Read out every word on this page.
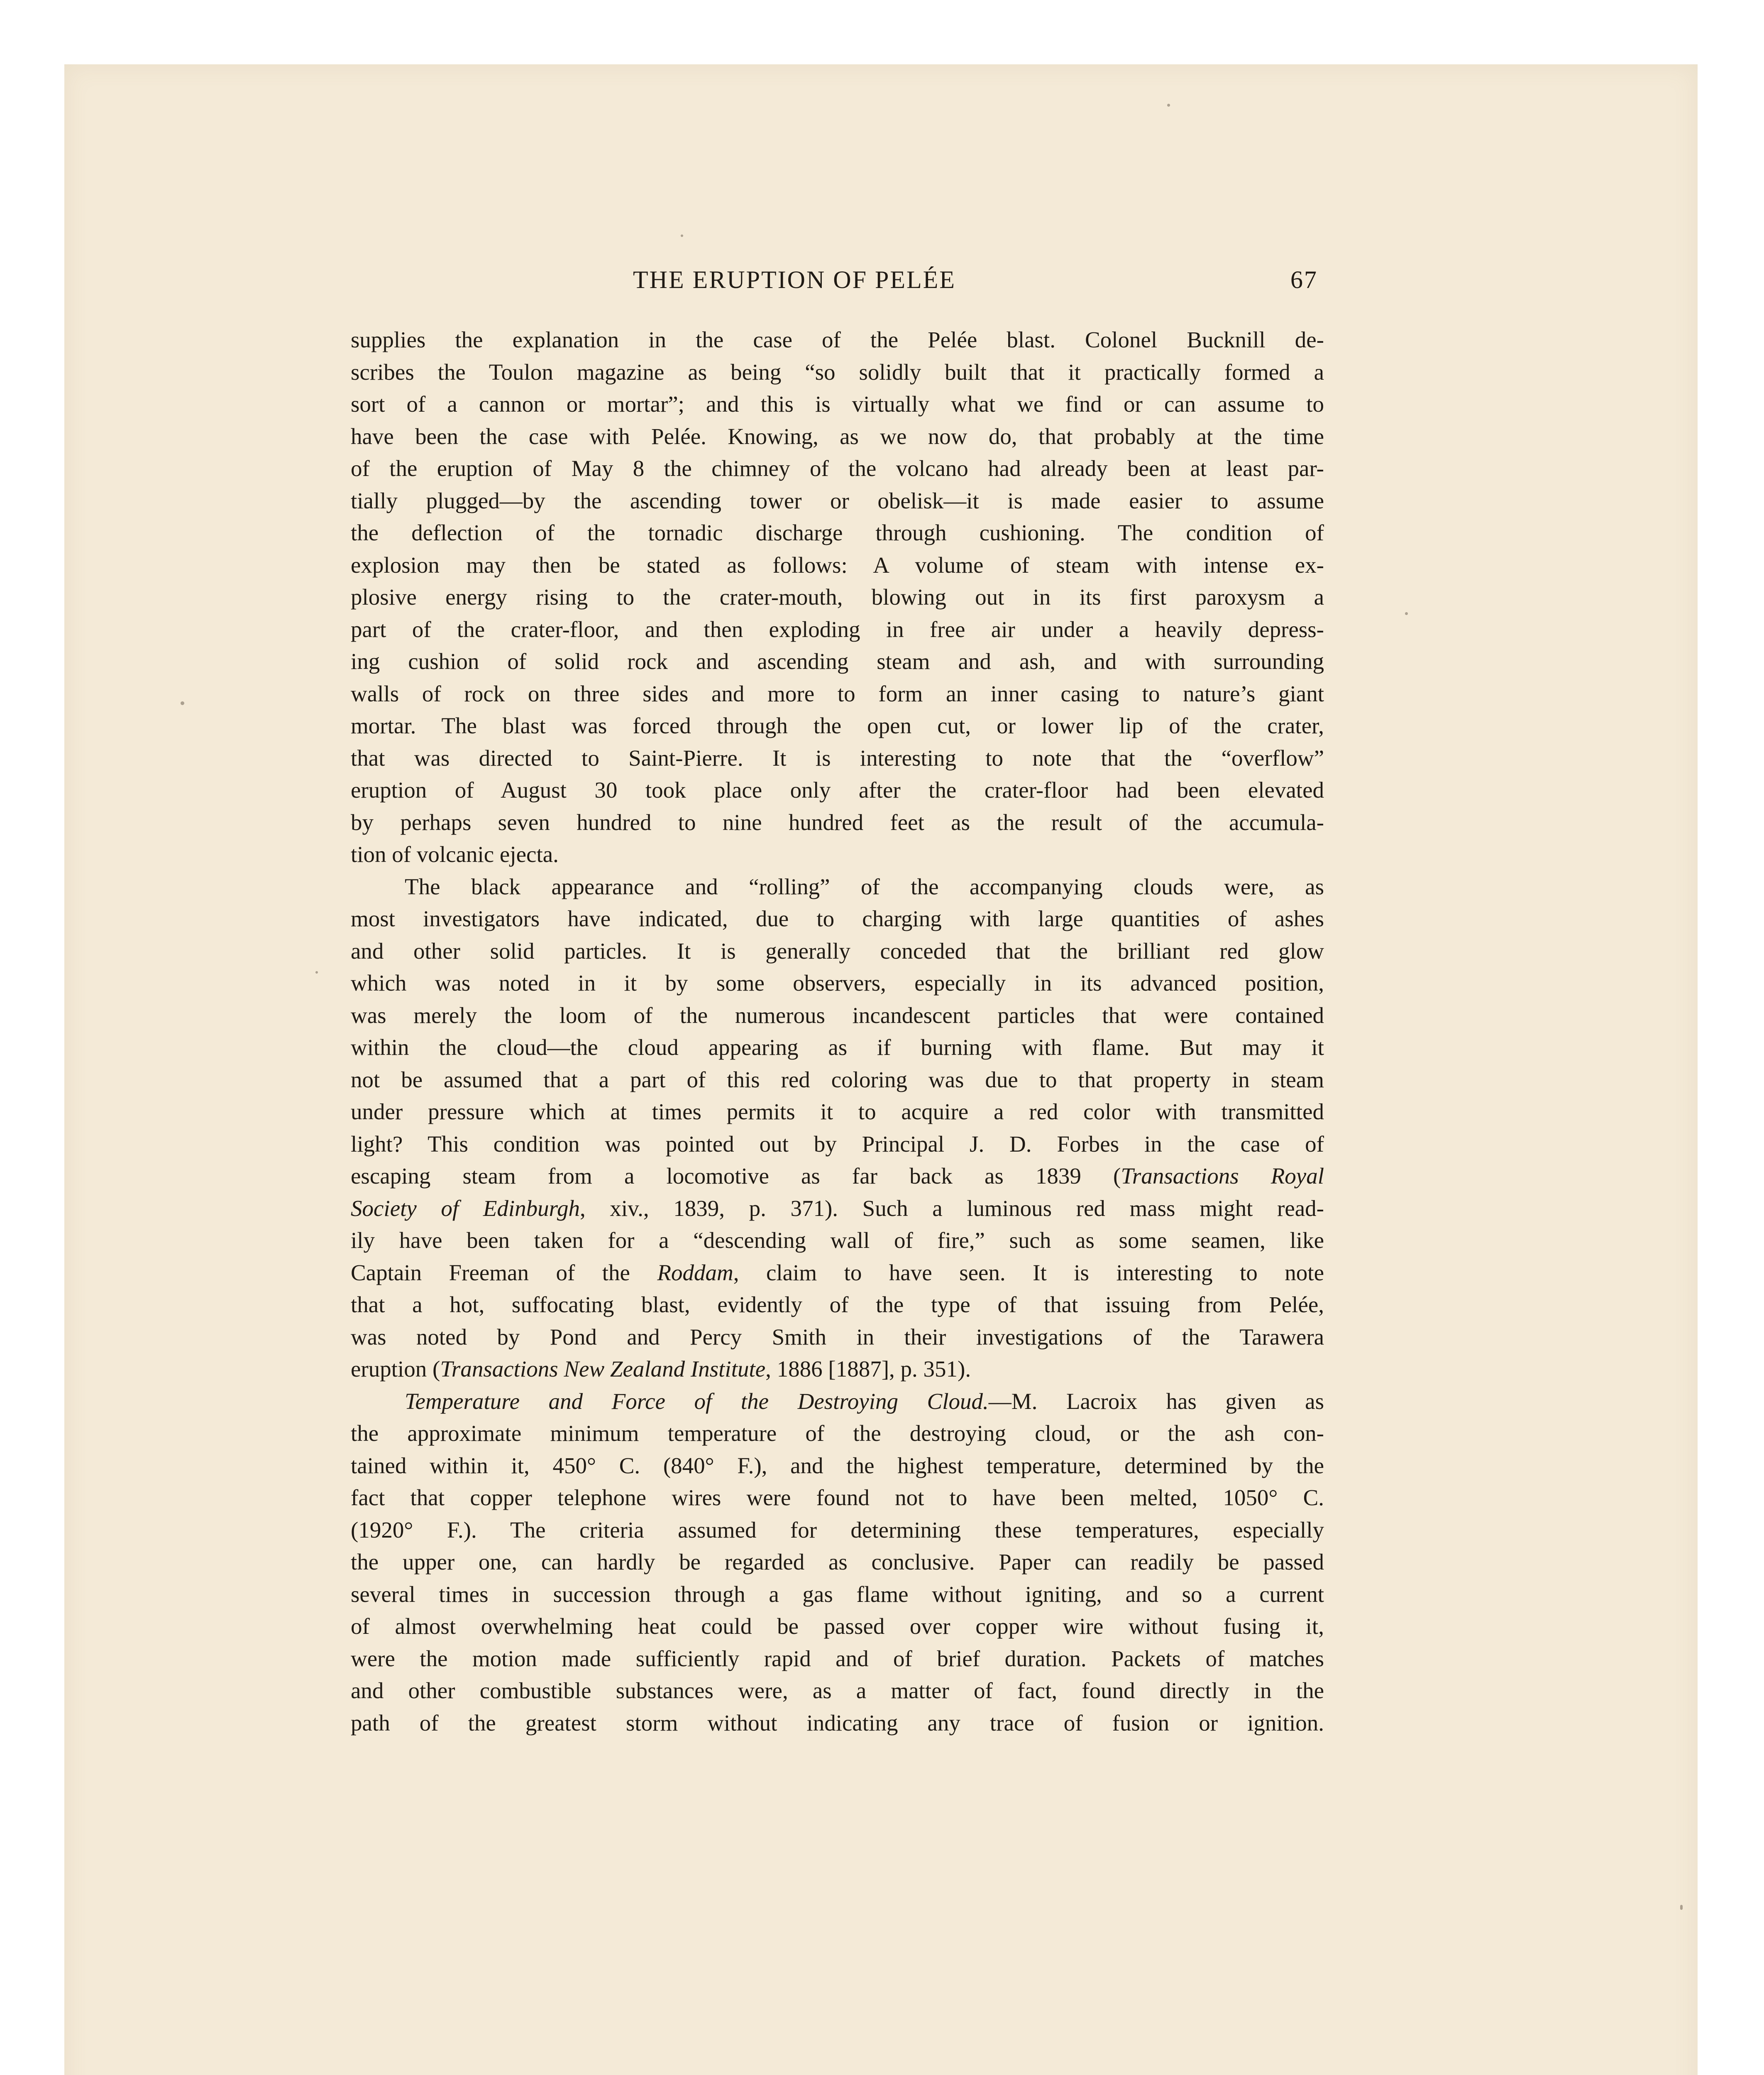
THE ERUPTION OF PELÉE	67

supplies the explanation in the case of the Pelée blast. Colonel Bucknill de-
scribes the Toulon magazine as being “so solidly built that it practically formed a
sort of a cannon or mortar”; and this is virtually what we find or can assume to
have been the case with Pelée. Knowing, as we now do, that probably at the time
of the eruption of May 8 the chimney of the volcano had already been at least par-
tially plugged—by the ascending tower or obelisk—it is made easier to assume
the deflection of the tornadic discharge through cushioning. The condition of
explosion may then be stated as follows: A volume of steam with intense ex-
plosive energy rising to the crater-mouth, blowing out in its first paroxysm a
part of the crater-floor, and then exploding in free air under a heavily depress-
ing cushion of solid rock and ascending steam and ash, and with surrounding
walls of rock on three sides and more to form an inner casing to nature’s giant
mortar. The blast was forced through the open cut, or lower lip of the crater,
that was directed to Saint-Pierre. It is interesting to note that the “overflow”
eruption of August 30 took place only after the crater-floor had been elevated
by perhaps seven hundred to nine hundred feet as the result of the accumula-
tion of volcanic ejecta.

The black appearance and “rolling” of the accompanying clouds were, as
most investigators have indicated, due to charging with large quantities of ashes
and other solid particles. It is generally conceded that the brilliant red glow
which was noted in it by some observers, especially in its advanced position,
was merely the loom of the numerous incandescent particles that were contained
within the cloud—the cloud appearing as if burning with flame. But may it
not be assumed that a part of this red coloring was due to that property in steam
under pressure which at times permits it to acquire a red color with transmitted
light? This condition was pointed out by Principal J. D. Forbes in the case of
escaping steam from a locomotive as far back as 1839 (Transactions Royal
Society of Edinburgh, xiv., 1839, p. 371). Such a luminous red mass might read-
ily have been taken for a “descending wall of fire,” such as some seamen, like
Captain Freeman of the Roddam, claim to have seen. It is interesting to note
that a hot, suffocating blast, evidently of the type of that issuing from Pelée,
was noted by Pond and Percy Smith in their investigations of the Tarawera
eruption (Transactions New Zealand Institute, 1886 [1887], p. 351).

Temperature and Force of the Destroying Cloud.—M. Lacroix has given as
the approximate minimum temperature of the destroying cloud, or the ash con-
tained within it, 450° C. (840° F.), and the highest temperature, determined by the
fact that copper telephone wires were found not to have been melted, 1050° C.
(1920° F.). The criteria assumed for determining these temperatures, especially
the upper one, can hardly be regarded as conclusive. Paper can readily be passed
several times in succession through a gas flame without igniting, and so a current
of almost overwhelming heat could be passed over copper wire without fusing it,
were the motion made sufficiently rapid and of brief duration. Packets of matches
and other combustible substances were, as a matter of fact, found directly in the
path of the greatest storm without indicating any trace of fusion or ignition.
